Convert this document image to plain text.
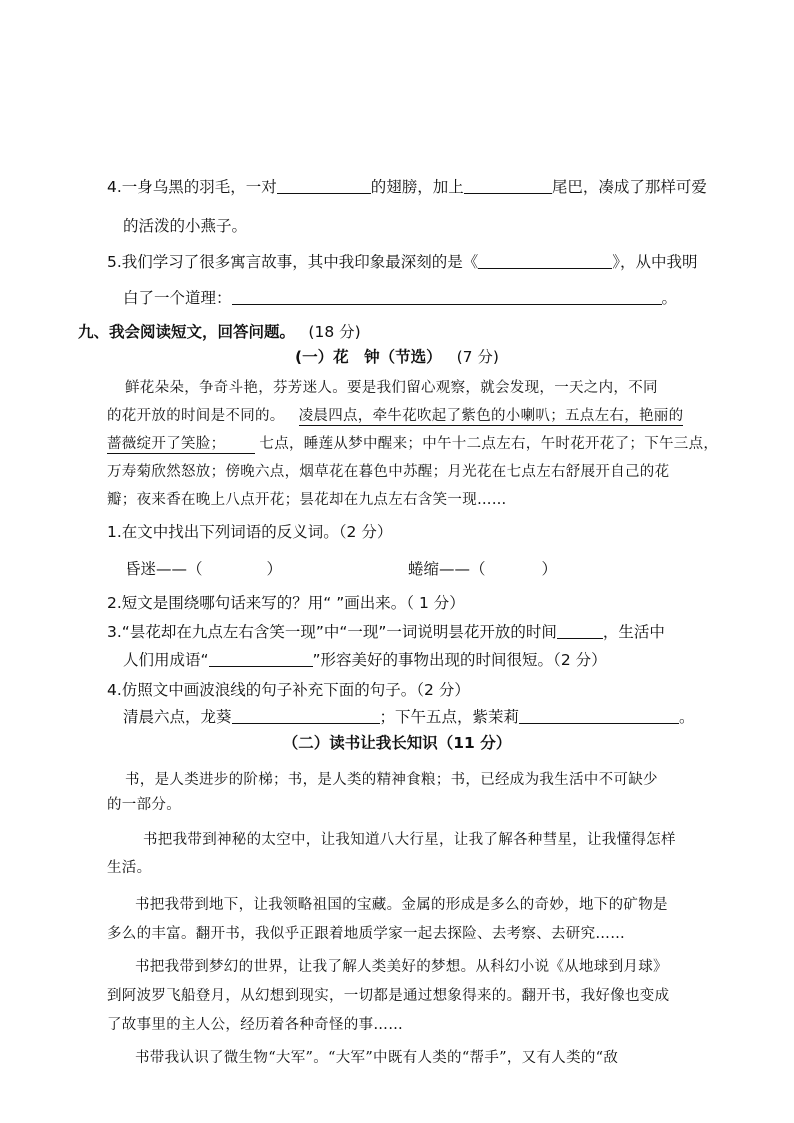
4.一身乌黑的羽毛，一对	的翅膀，加上	尾巴，凑成了那样可爱
的活泼的小燕子。
5.我们学习了很多寓言故事，其中我印象最深刻的是《	》，从中我明
白了一个道理：	。
九、我会阅读短文，回答问题。 (18 分)
(一）花　钟（节选） (7 分)
鲜花朵朵，争奇斗艳，芬芳迷人。要是我们留心观察，就会发现，一天之内，不同
的花开放的时间是不同的。 凌晨四点，牵牛花吹起了紫色的小喇叭；五点左右，艳丽的
蔷薇绽开了笑脸； 七点，睡莲从梦中醒来；中午十二点左右，午时花开花了；下午三点，
万寿菊欣然怒放；傍晚六点，烟草花在暮色中苏醒；月光花在七点左右舒展开自己的花
瓣；夜来香在晚上八点开花；昙花却在九点左右含笑一现……
1.在文中找出下列词语的反义词。（2 分）
昏迷——（	）	蜷缩——（	）
2.短文是围绕哪句话来写的？用“ ”画出来。（ 1 分）
3.“昙花却在九点左右含笑一现”中“一现”一词说明昙花开放的时间	，生活中
人们用成语“	”形容美好的事物出现的时间很短。（2 分）
4.仿照文中画波浪线的句子补充下面的句子。（2 分）
清晨六点，龙葵	；下午五点，紫茉莉	。
（二）读书让我长知识（11 分）
书，是人类进步的阶梯；书，是人类的精神食粮；书，已经成为我生活中不可缺少
的一部分。
书把我带到神秘的太空中，让我知道八大行星，让我了解各种彗星，让我懂得怎样
生活。
书把我带到地下，让我领略祖国的宝藏。金属的形成是多么的奇妙，地下的矿物是
多么的丰富。翻开书，我似乎正跟着地质学家一起去探险、去考察、去研究……
书把我带到梦幻的世界，让我了解人类美好的梦想。从科幻小说《从地球到月球》
到阿波罗飞船登月，从幻想到现实，一切都是通过想象得来的。翻开书，我好像也变成
了故事里的主人公，经历着各种奇怪的事……
书带我认识了微生物“大军”。“大军”中既有人类的“帮手”，又有人类的“敌
